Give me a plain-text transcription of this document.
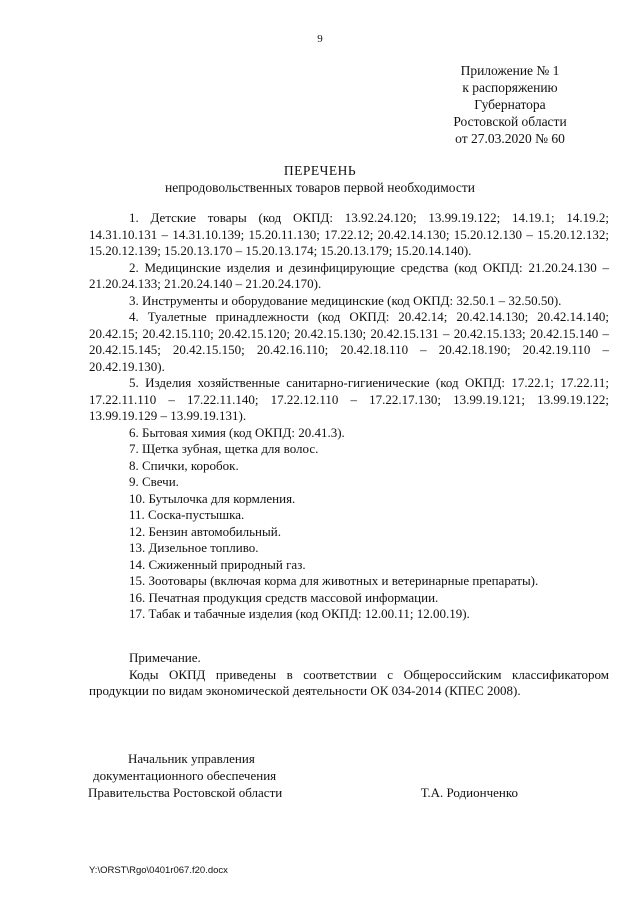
9
Приложение № 1
к распоряжению
Губернатора
Ростовской области
от 27.03.2020 № 60
ПЕРЕЧЕНЬ
непродовольственных товаров первой необходимости

1. Детские товары (код ОКПД: 13.92.24.120; 13.99.19.122; 14.19.1; 14.19.2; 14.31.10.131 – 14.31.10.139; 15.20.11.130; 17.22.12; 20.42.14.130; 15.20.12.130 – 15.20.12.132; 15.20.12.139; 15.20.13.170 – 15.20.13.174; 15.20.13.179; 15.20.14.140).

2. Медицинские изделия и дезинфицирующие средства (код ОКПД: 21.20.24.130 – 21.20.24.133; 21.20.24.140 – 21.20.24.170).

3. Инструменты и оборудование медицинские (код ОКПД: 32.50.1 – 32.50.50).

4. Туалетные принадлежности (код ОКПД: 20.42.14; 20.42.14.130; 20.42.14.140; 20.42.15; 20.42.15.110; 20.42.15.120; 20.42.15.130; 20.42.15.131 – 20.42.15.133; 20.42.15.140 – 20.42.15.145; 20.42.15.150; 20.42.16.110; 20.42.18.110 – 20.42.18.190; 20.42.19.110 – 20.42.19.130).

5. Изделия хозяйственные санитарно-гигиенические (код ОКПД: 17.22.1; 17.22.11; 17.22.11.110 – 17.22.11.140; 17.22.12.110 – 17.22.17.130; 13.99.19.121; 13.99.19.122; 13.99.19.129 – 13.99.19.131).

6. Бытовая химия (код ОКПД: 20.41.3).

7. Щетка зубная, щетка для волос.

8. Спички, коробок.

9. Свечи.

10. Бутылочка для кормления.

11. Соска-пустышка.

12. Бензин автомобильный.

13. Дизельное топливо.

14. Сжиженный природный газ.

15. Зоотовары (включая корма для животных и ветеринарные препараты).

16. Печатная продукция средств массовой информации.

17. Табак и табачные изделия (код ОКПД: 12.00.11; 12.00.19).

Примечание.
Коды ОКПД приведены в соответствии с Общероссийским классификатором продукции по видам экономической деятельности ОК 034-2014 (КПЕС 2008).
Начальник управления
документационного обеспечения
Правительства Ростовской области	Т.А. Родионченко
Y:\ORST\Rgo\0401r067.f20.docx
